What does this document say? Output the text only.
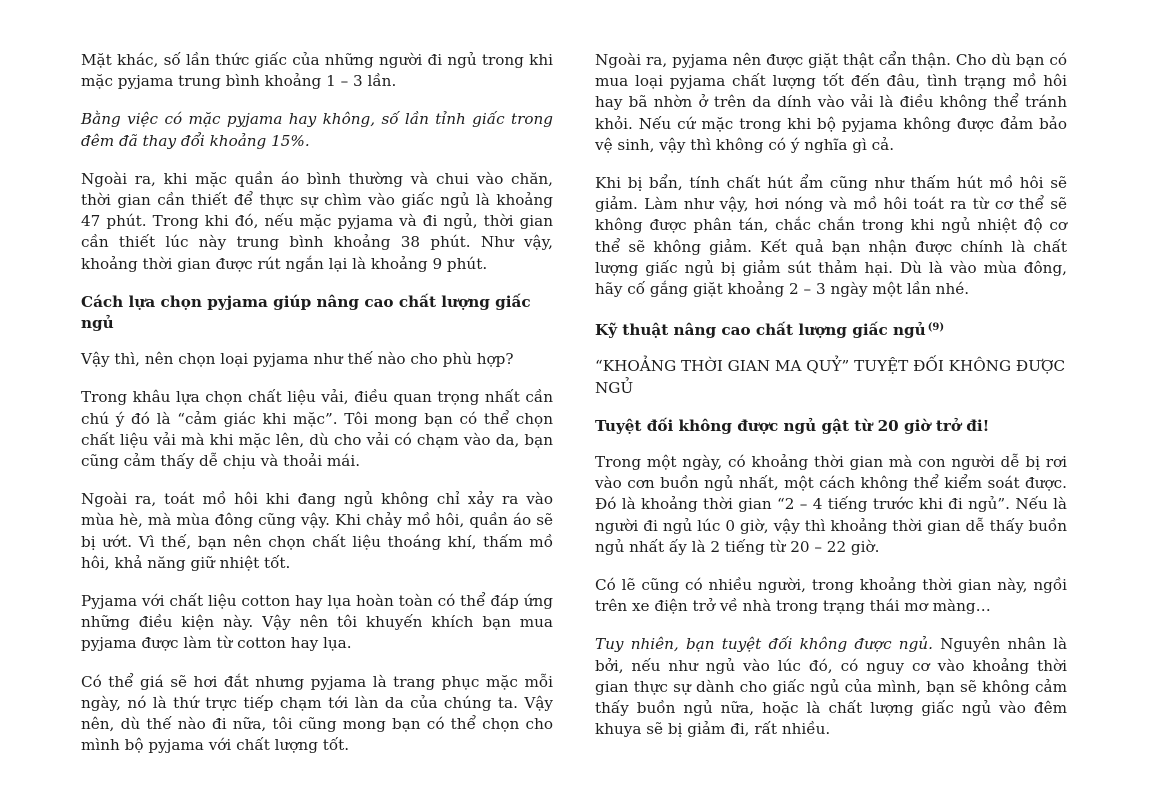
Mặt khác, số lần thức giấc của những người đi ngủ trong khi mặc pyjama trung bình khoảng 1 – 3 lần.

Bằng việc có mặc pyjama hay không, số lần tỉnh giấc trong đêm đã thay đổi khoảng 15%.

Ngoài ra, khi mặc quần áo bình thường và chui vào chăn, thời gian cần thiết để thực sự chìm vào giấc ngủ là khoảng 47 phút. Trong khi đó, nếu mặc pyjama và đi ngủ, thời gian cần thiết lúc này trung bình khoảng 38 phút. Như vậy, khoảng thời gian được rút ngắn lại là khoảng 9 phút.

Cách lựa chọn pyjama giúp nâng cao chất lượng giấc ngủ

Vậy thì, nên chọn loại pyjama như thế nào cho phù hợp?

Trong khâu lựa chọn chất liệu vải, điều quan trọng nhất cần chú ý đó là “cảm giác khi mặc”. Tôi mong bạn có thể chọn chất liệu vải mà khi mặc lên, dù cho vải có chạm vào da, bạn cũng cảm thấy dễ chịu và thoải mái.

Ngoài ra, toát mồ hôi khi đang ngủ không chỉ xảy ra vào mùa hè, mà mùa đông cũng vậy. Khi chảy mồ hôi, quần áo sẽ bị ướt. Vì thế, bạn nên chọn chất liệu thoáng khí, thấm mồ hôi, khả năng giữ nhiệt tốt.

Pyjama với chất liệu cotton hay lụa hoàn toàn có thể đáp ứng những điều kiện này. Vậy nên tôi khuyến khích bạn mua pyjama được làm từ cotton hay lụa.

Có thể giá sẽ hơi đắt nhưng pyjama là trang phục mặc mỗi ngày, nó là thứ trực tiếp chạm tới làn da của chúng ta. Vậy nên, dù thế nào đi nữa, tôi cũng mong bạn có thể chọn cho mình bộ pyjama với chất lượng tốt.

Ngoài ra, pyjama nên được giặt thật cẩn thận. Cho dù bạn có mua loại pyjama chất lượng tốt đến đâu, tình trạng mồ hôi hay bã nhờn ở trên da dính vào vải là điều không thể tránh khỏi. Nếu cứ mặc trong khi bộ pyjama không được đảm bảo vệ sinh, vậy thì không có ý nghĩa gì cả.

Khi bị bẩn, tính chất hút ẩm cũng như thấm hút mồ hôi sẽ giảm. Làm như vậy, hơi nóng và mồ hôi toát ra từ cơ thể sẽ không được phân tán, chắc chắn trong khi ngủ nhiệt độ cơ thể sẽ không giảm. Kết quả bạn nhận được chính là chất lượng giấc ngủ bị giảm sút thảm hại. Dù là vào mùa đông, hãy cố gắng giặt khoảng 2 – 3 ngày một lần nhé.

Kỹ thuật nâng cao chất lượng giấc ngủ $^{(9)}$

“KHOẢNG THỜI GIAN MA QUỶ” TUYỆT ĐỐI KHÔNG ĐƯỢC NGỦ

Tuyệt đối không được ngủ gật từ 20 giờ trở đi!

Trong một ngày, có khoảng thời gian mà con người dễ bị rơi vào cơn buồn ngủ nhất, một cách không thể kiểm soát được. Đó là khoảng thời gian “2 – 4 tiếng trước khi đi ngủ”. Nếu là người đi ngủ lúc 0 giờ, vậy thì khoảng thời gian dễ thấy buồn ngủ nhất ấy là 2 tiếng từ 20 – 22 giờ.

Có lẽ cũng có nhiều người, trong khoảng thời gian này, ngồi trên xe điện trở về nhà trong trạng thái mơ màng…

Tuy nhiên, bạn tuyệt đối không được ngủ. Nguyên nhân là bởi, nếu như ngủ vào lúc đó, có nguy cơ vào khoảng thời gian thực sự dành cho giấc ngủ của mình, bạn sẽ không cảm thấy buồn ngủ nữa, hoặc là chất lượng giấc ngủ vào đêm khuya sẽ bị giảm đi, rất nhiều.
